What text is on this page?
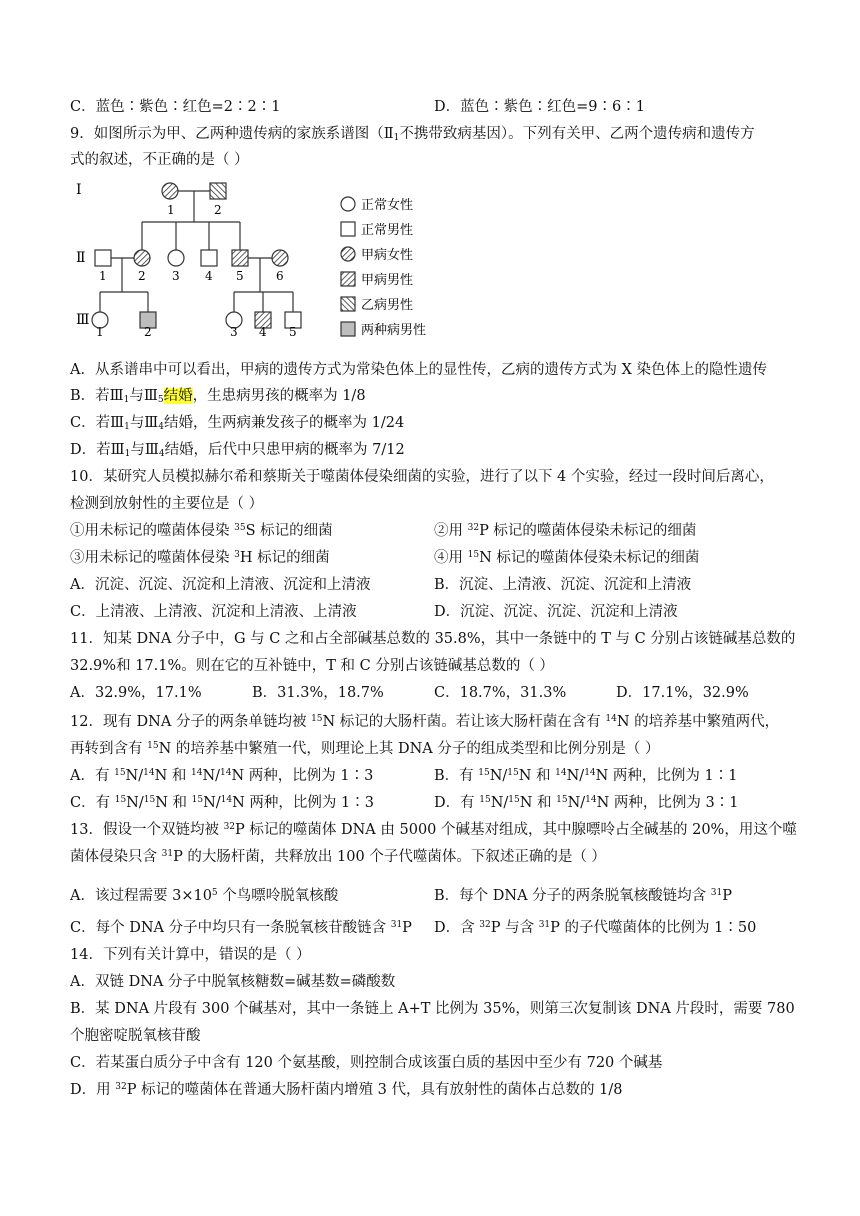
C．蓝色∶紫色∶红色=2∶2∶1	D．蓝色∶紫色∶红色=9∶6∶1
9．如图所示为甲、乙两种遗传病的家族系谱图（$Ⅱ_1$不携带致病基因）。下列有关甲、乙两个遗传病和遗传方
式的叙述，不正确的是（ ）
Ⅰ
Ⅱ
Ⅲ
1	2
1	2 3 4 5	6
1	2	3 4 5
正常女性
正常男性
甲病女性
甲病男性
乙病男性
两种病男性
A．从系谱串中可以看出，甲病的遗传方式为常染色体上的显性传，乙病的遗传方式为 X 染色体上的隐性遗传
B．若$Ⅲ_1$与$Ⅲ_5$结婚，生患病男孩的概率为 1/8
C．若$Ⅲ_1$与$Ⅲ_4$结婚，生两病兼发孩子的概率为 1/24
D．若$Ⅲ_1$与$Ⅲ_4$结婚，后代中只患甲病的概率为 7/12
10．某研究人员模拟赫尔希和蔡斯关于噬菌体侵染细菌的实验，进行了以下 4 个实验，经过一段时间后离心，
检测到放射性的主要位是（ ）
①用未标记的噬菌体侵染 $^{35}$S 标记的细菌	②用 $^{32}$P 标记的噬菌体侵染未标记的细菌
③用未标记的噬菌体侵染 $^3$H 标记的细菌	④用 $^{15}$N 标记的噬菌体侵染未标记的细菌
A．沉淀、沉淀、沉淀和上清液、沉淀和上清液	B．沉淀、上清液、沉淀、沉淀和上清液
C．上清液、上清液、沉淀和上清液、上清液	D．沉淀、沉淀、沉淀、沉淀和上清液
11．知某 DNA 分子中，G 与 C 之和占全部碱基总数的 35.8%，其中一条链中的 T 与 C 分别占该链碱基总数的
32.9%和 17.1%。则在它的互补链中，T 和 C 分别占该链碱基总数的（ ）
A．32.9%，17.1%	B．31.3%，18.7%	C．18.7%，31.3%	D．17.1%，32.9%
12．现有 DNA 分子的两条单链均被 $^{15}$N 标记的大肠杆菌。若让该大肠杆菌在含有 $^{14}$N 的培养基中繁殖两代，
再转到含有 $^{15}$N 的培养基中繁殖一代，则理论上其 DNA 分子的组成类型和比例分别是（ ）
A．有 $^{15}$N/$^{14}$N 和 $^{14}$N/$^{14}$N 两种，比例为 1∶3	B．有 $^{15}$N/$^{15}$N 和 $^{14}$N/$^{14}$N 两种，比例为 1∶1
C．有 $^{15}$N/$^{15}$N 和 $^{15}$N/$^{14}$N 两种，比例为 1∶3	D．有 $^{15}$N/$^{15}$N 和 $^{15}$N/$^{14}$N 两种，比例为 3∶1
13．假设一个双链均被 $^{32}$P 标记的噬菌体 DNA 由 5000 个碱基对组成，其中腺嘌呤占全碱基的 20%，用这个噬
菌体侵染只含 $^{31}$P 的大肠杆菌，共释放出 100 个子代噬菌体。下叙述正确的是（ ）
A．该过程需要 $3\times 10^5$ 个鸟嘌呤脱氧核酸	B．每个 DNA 分子的两条脱氧核酸链均含 $^{31}$P
C．每个 DNA 分子中均只有一条脱氧核苷酸链含 $^{31}$P D．含 $^{32}$P 与含 $^{31}$P 的子代噬菌体的比例为 1∶50
14．下列有关计算中，错误的是（ ）
A．双链 DNA 分子中脱氧核糖数=碱基数=磷酸数
B．某 DNA 片段有 300 个碱基对，其中一条链上 A+T 比例为 35%，则第三次复制该 DNA 片段时，需要 780
个胞密啶脱氧核苷酸
C．若某蛋白质分子中含有 120 个氨基酸，则控制合成该蛋白质的基因中至少有 720 个碱基
D．用 $^{32}$P 标记的噬菌体在普通大肠杆菌内增殖 3 代，具有放射性的菌体占总数的 1/8
